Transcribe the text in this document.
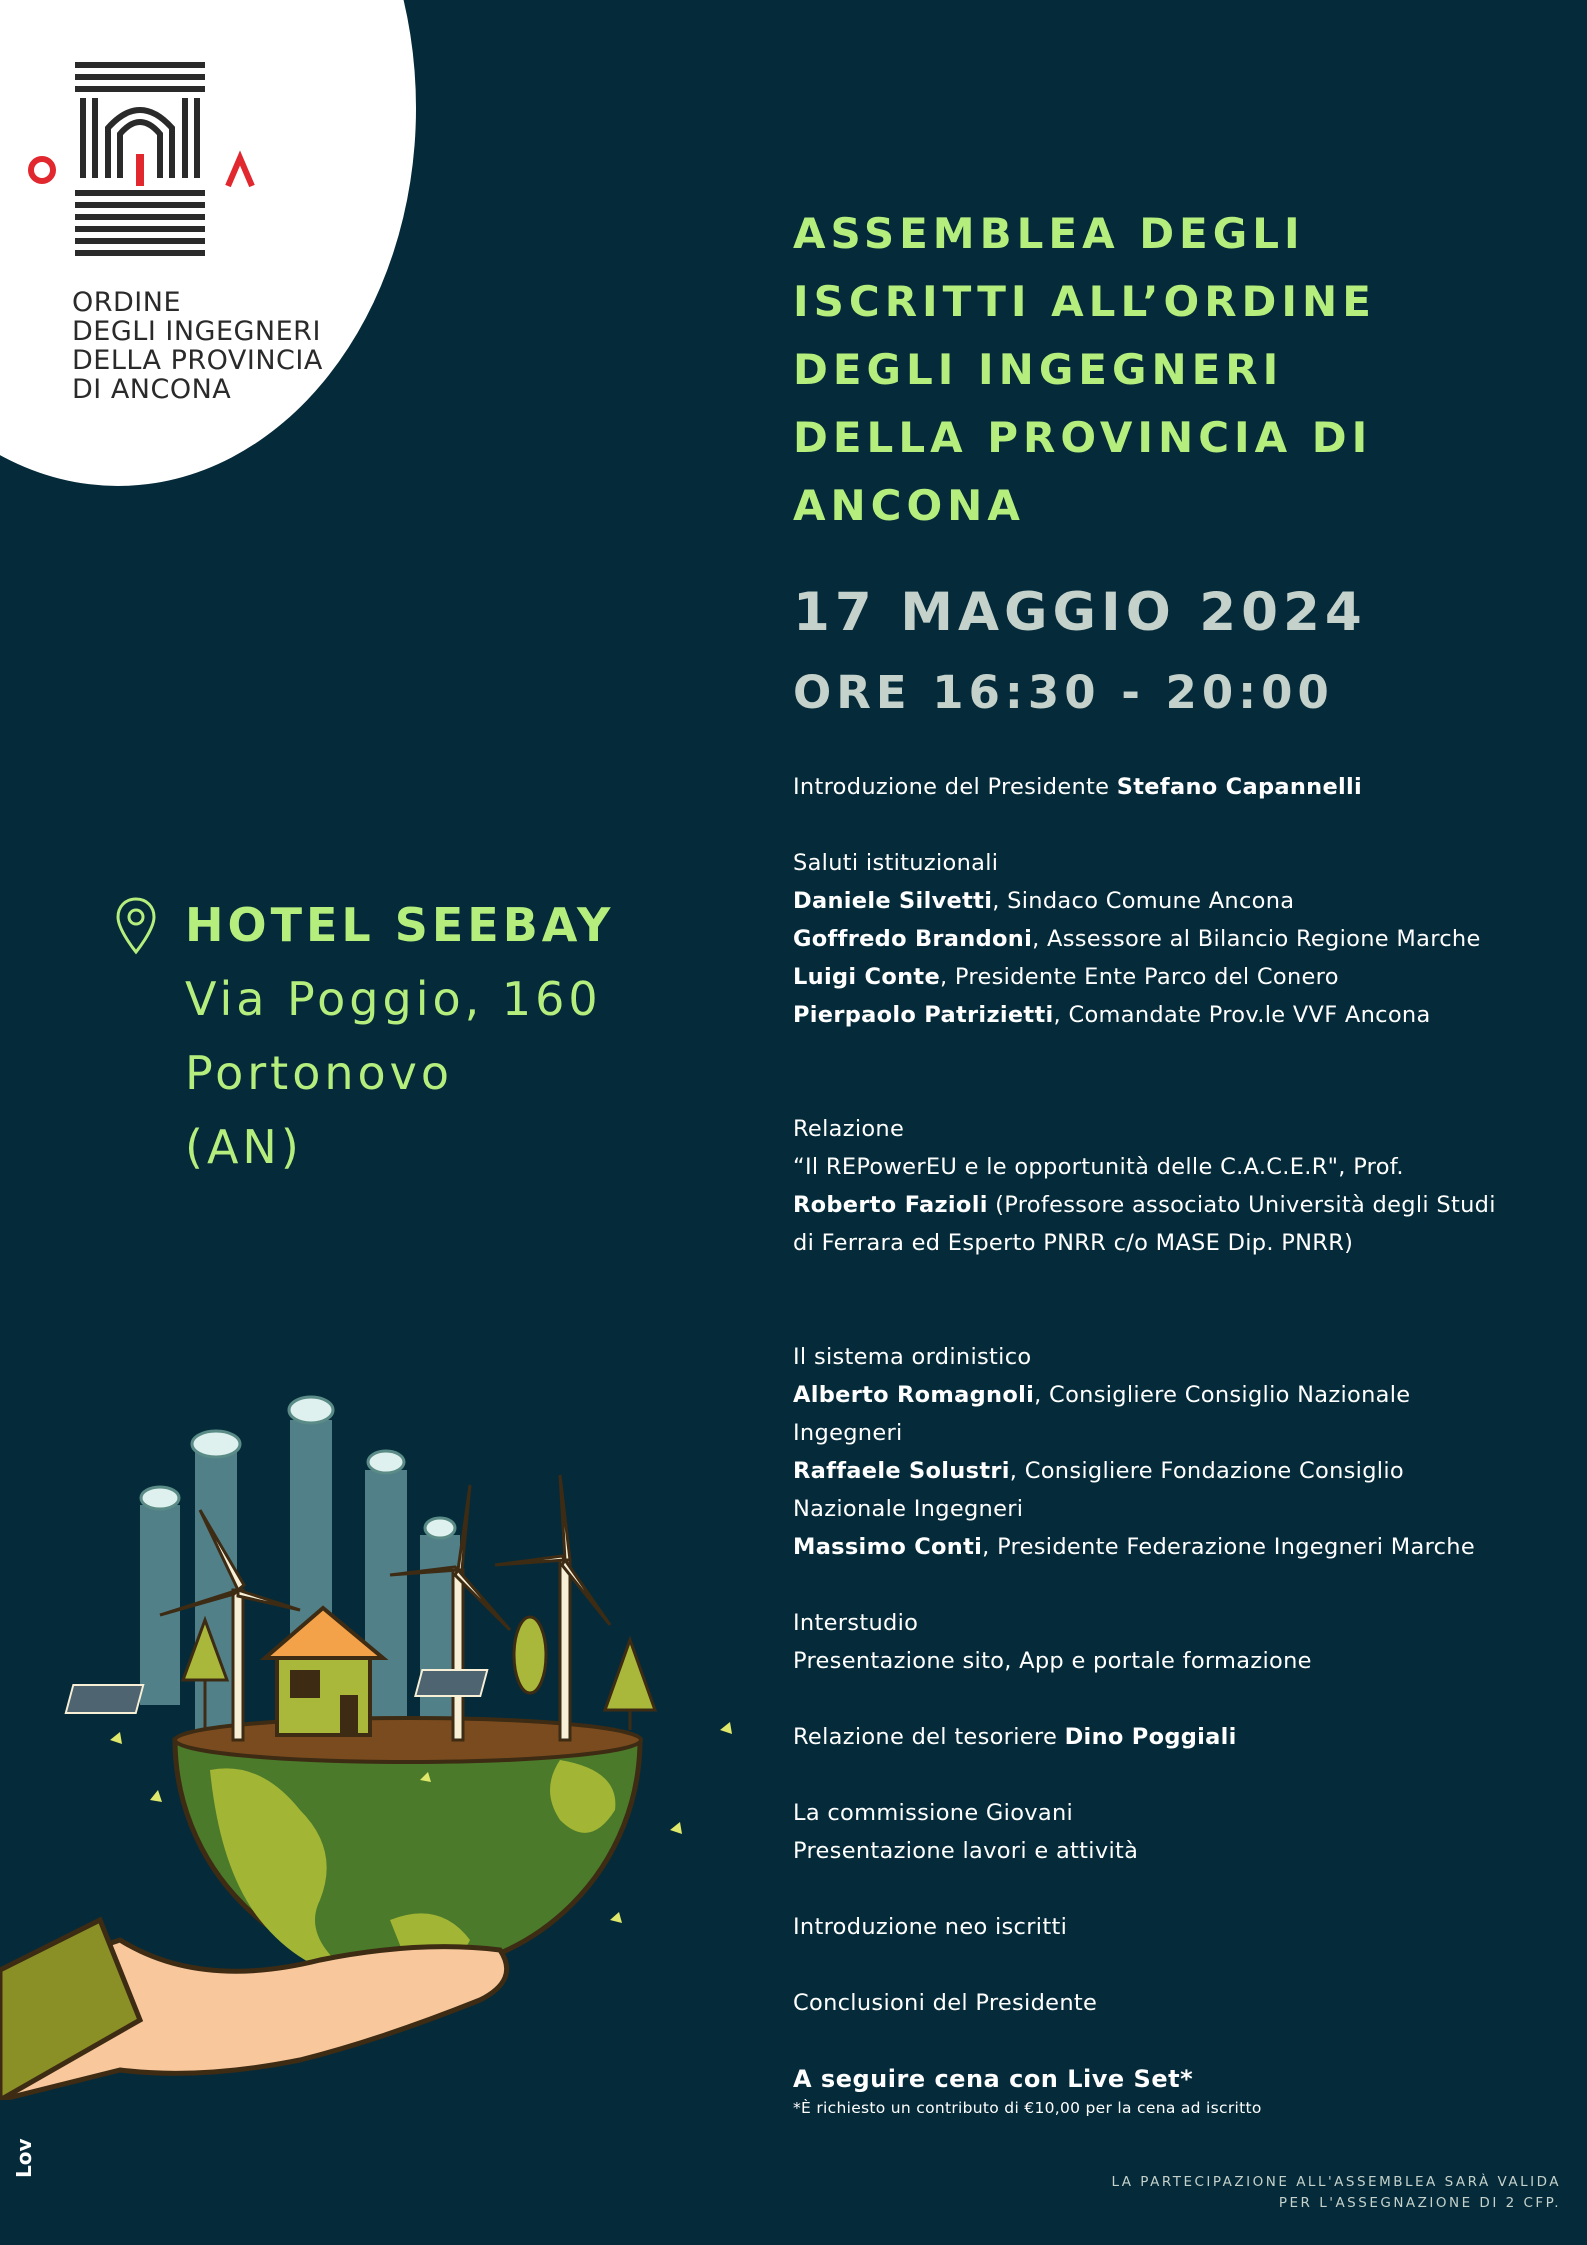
OIIA
ORDINE
DEGLI INGEGNERI
DELLA PROVINCIA
DI ANCONA
ASSEMBLEA DEGLI
ISCRITTI ALL’ORDINE
DEGLI INGEGNERI
DELLA PROVINCIA DI
ANCONA
17 MAGGIO 2024
ORE 16:30 - 20:00
Introduzione del Presidente Stefano Capannelli
Saluti istituzionali
Daniele Silvetti, Sindaco Comune Ancona
Goffredo Brandoni, Assessore al Bilancio Regione Marche
Luigi Conte, Presidente Ente Parco del Conero
Pierpaolo Patrizietti, Comandate Prov.le VVF Ancona
Relazione
“Il REPowerEU e le opportunità delle C.A.C.E.R", Prof.
Roberto Fazioli (Professore associato Università degli Studi
di Ferrara ed Esperto PNRR c/o MASE Dip. PNRR)
Il sistema ordinistico
Alberto Romagnoli, Consigliere Consiglio Nazionale
Ingegneri
Raffaele Solustri, Consigliere Fondazione Consiglio
Nazionale Ingegneri
Massimo Conti, Presidente Federazione Ingegneri Marche
Interstudio
Presentazione sito, App e portale formazione
Relazione del tesoriere Dino Poggiali
La commissione Giovani
Presentazione lavori e attività
Introduzione neo iscritti
Conclusioni del Presidente
A seguire cena con Live Set*
*È richiesto un contributo di €10,00 per la cena ad iscritto
HOTEL SEEBAY
Via Poggio, 160
Portonovo
(AN)
LA PARTECIPAZIONE ALL'ASSEMBLEA SARÀ VALIDA
PER L'ASSEGNAZIONE DI 2 CFP.
Lov
